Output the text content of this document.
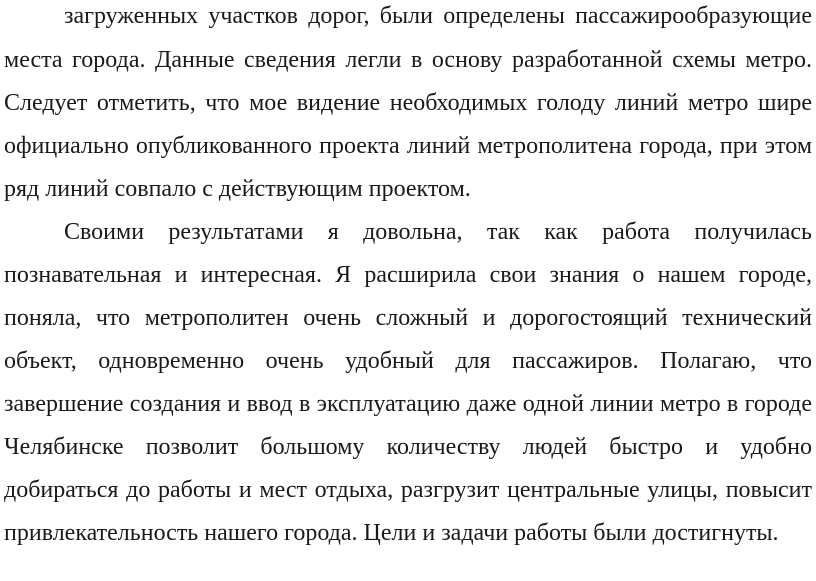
загруженных участков дорог, были определены пассажирообразующие
места города. Данные сведения легли в основу разработанной схемы метро.
Следует отметить, что мое видение необходимых голоду линий метро шире
официально опубликованного проекта линий метрополитена города, при этом
ряд линий совпало с действующим проектом.
Своими результатами я довольна, так как работа получилась
познавательная и интересная. Я расширила свои знания о нашем городе,
поняла, что метрополитен очень сложный и дорогостоящий технический
объект, одновременно очень удобный для пассажиров. Полагаю, что
завершение создания и ввод в эксплуатацию даже одной линии метро в городе
Челябинске позволит большому количеству людей быстро и удобно
добираться до работы и мест отдыха, разгрузит центральные улицы, повысит
привлекательность нашего города. Цели и задачи работы были достигнуты.
